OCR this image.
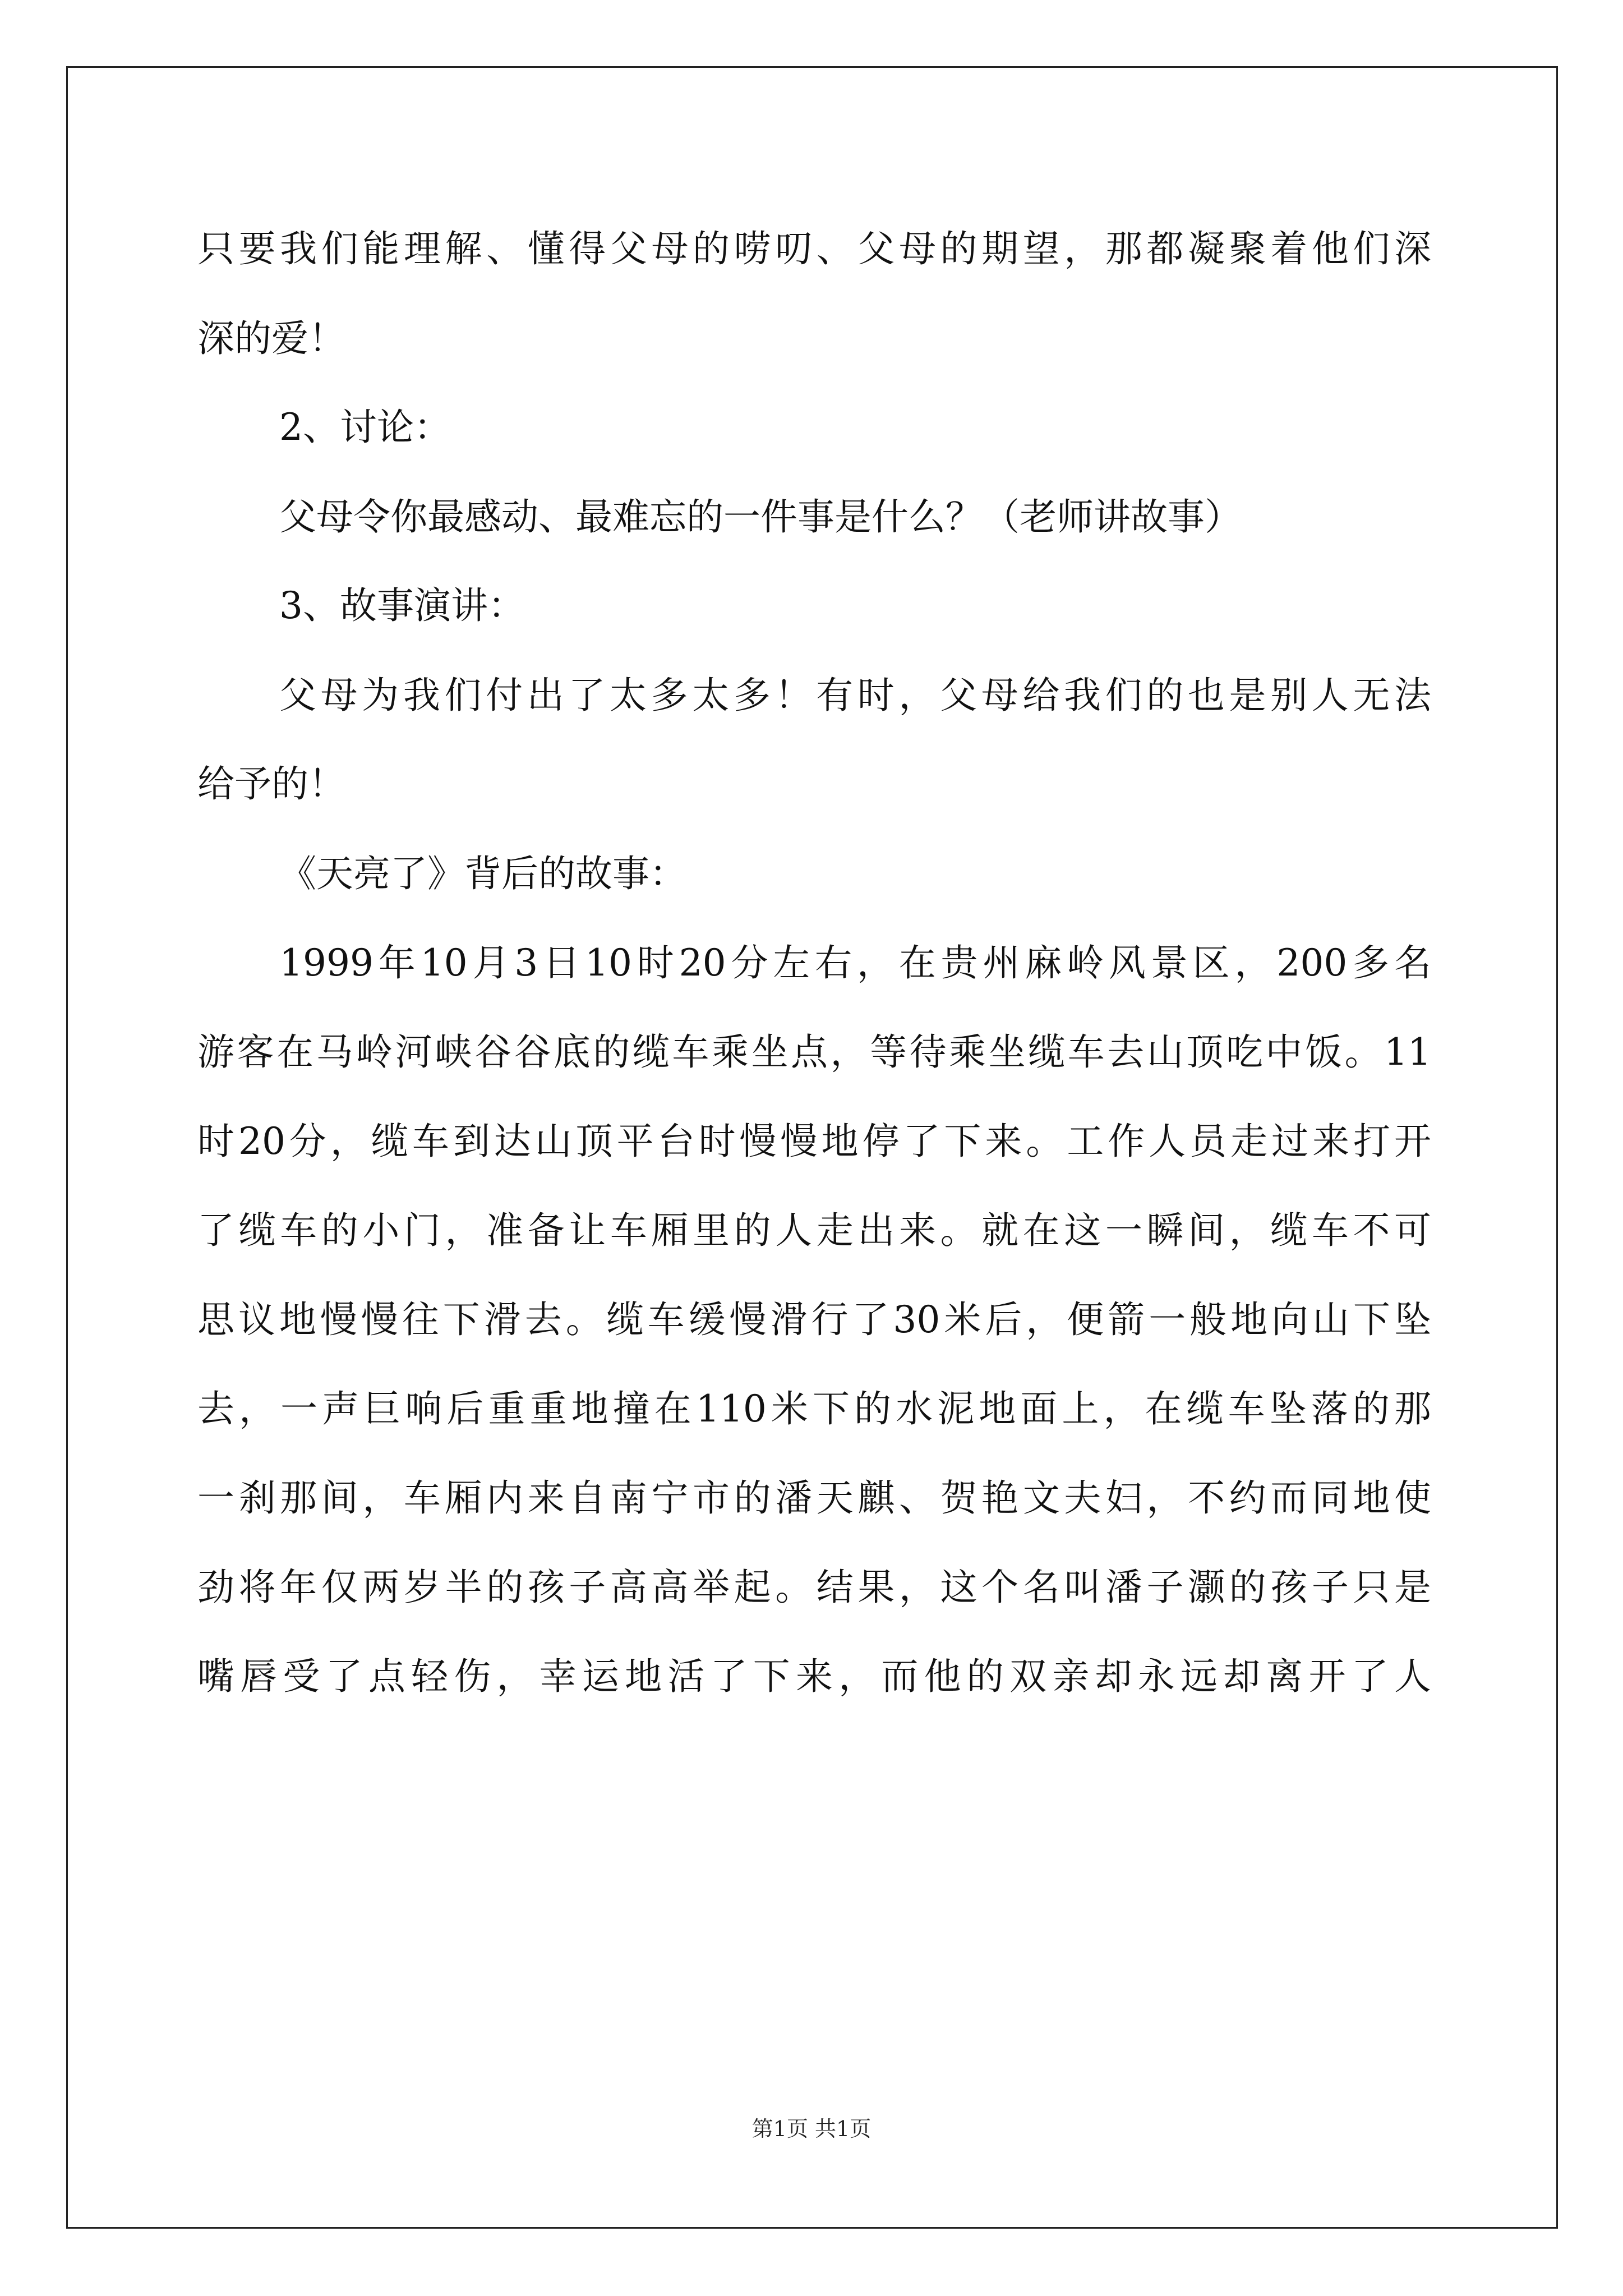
只要我们能理解、懂得父母的唠叨、父母的期望，那都凝聚着他们深
深的爱！
2、讨论：
父母令你最感动、最难忘的一件事是什么？（老师讲故事）
3、故事演讲：
父母为我们付出了太多太多！有时，父母给我们的也是别人无法
给予的！
《天亮了》背后的故事：
1999年10月3日10时20分左右，在贵州麻岭风景区，200多名
游客在马岭河峡谷谷底的缆车乘坐点，等待乘坐缆车去山顶吃中饭。11
时20分，缆车到达山顶平台时慢慢地停了下来。工作人员走过来打开
了缆车的小门，准备让车厢里的人走出来。就在这一瞬间，缆车不可
思议地慢慢往下滑去。缆车缓慢滑行了30米后，便箭一般地向山下坠
去，一声巨响后重重地撞在110米下的水泥地面上，在缆车坠落的那
一刹那间，车厢内来自南宁市的潘天麒、贺艳文夫妇，不约而同地使
劲将年仅两岁半的孩子高高举起。结果，这个名叫潘子灏的孩子只是
嘴唇受了点轻伤，幸运地活了下来，而他的双亲却永远却离开了人
第1页 共1页
